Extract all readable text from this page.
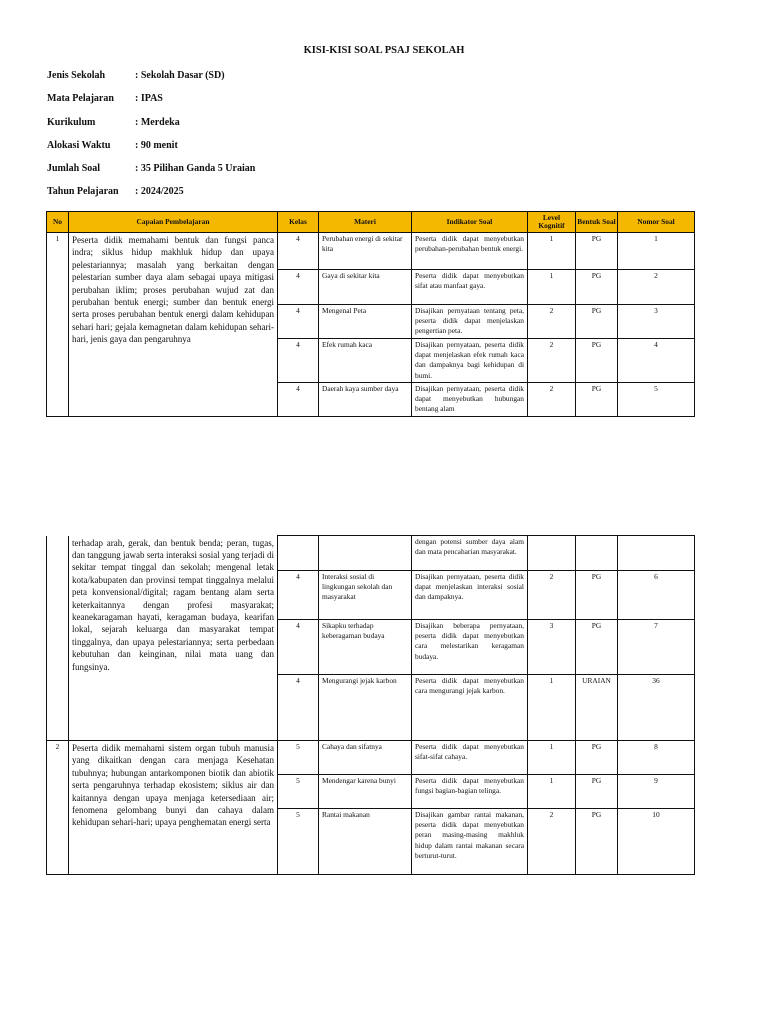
KISI-KISI SOAL PSAJ SEKOLAH
Jenis Sekolah	: Sekolah Dasar (SD)
Mata Pelajaran	: IPAS
Kurikulum	: Merdeka
Alokasi Waktu	: 90 menit
Jumlah Soal	: 35 Pilihan Ganda 5 Uraian
Tahun Pelajaran	: 2024/2025
No	Capaian Pembelajaran	Kelas	Materi	Indikator Soal	Level Kognitif	Bentuk Soal	Nomor Soal
1	Peserta didik memahami bentuk dan fungsi panca indra; siklus hidup makhluk hidup dan upaya pelestariannya; masalah yang berkaitan dengan pelestarian sumber daya alam sebagai upaya mitigasi perubahan iklim; proses perubahan wujud zat dan perubahan bentuk energi; sumber dan bentuk energi serta proses perubahan bentuk energi dalam kehidupan sehari hari; gejala kemagnetan dalam kehidupan sehari-hari, jenis gaya dan pengaruhnya	4	Perubahan energi di sekitar kita	Peserta didik dapat menyebutkan perubahan-perubahan bentuk energi.	1	PG	1
		4	Gaya di sekitar kita	Peserta didik dapat menyebutkan sifat atau manfaat gaya.	1	PG	2
		4	Mengenal Peta	Disajikan pernyataan tentang peta, peserta didik dapat menjelaskan pengertian peta.	2	PG	3
		4	Efek rumah kaca	Disajikan pernyataan, peserta didik dapat menjelaskan efek rumah kaca dan dampaknya bagi kehidupan di bumi.	2	PG	4
		4	Daerah kaya sumber daya	Disajikan pernyataan, peserta didik dapat menyebutkan hubungan bentang alam	2	PG	5
	terhadap arah, gerak, dan bentuk benda; peran, tugas, dan tanggung jawab serta interaksi sosial yang terjadi di sekitar tempat tinggal dan sekolah; mengenal letak kota/kabupaten dan provinsi tempat tinggalnya melalui peta konvensional/digital; ragam bentang alam serta keterkaitannya dengan profesi masyarakat; keanekaragaman hayati, keragaman budaya, kearifan lokal, sejarah keluarga dan masyarakat tempat tinggalnya, dan upaya pelestariannya; serta perbedaan kebutuhan dan keinginan, nilai mata uang dan fungsinya.			dengan potensi sumber daya alam dan mata pencaharian masyarakat.			
		4	Interaksi sosial di lingkungan sekolah dan masyarakat	Disajikan pernyataan, peserta didik dapat menjelaskan interaksi sosial dan dampaknya.	2	PG	6
		4	Sikapku terhadap keberagaman budaya	Disajikan beberapa pernyataan, peserta didik dapat menyebutkan cara melestarikan keragaman budaya.	3	PG	7
		4	Mengurangi jejak karbon	Peserta didik dapat menyebutkan cara mengurangi jejak karbon.	1	URAIAN	36
2	Peserta didik memahami sistem organ tubuh manusia yang dikaitkan dengan cara menjaga Kesehatan tubuhnya; hubungan antarkomponen biotik dan abiotik serta pengaruhnya terhadap ekosistem; siklus air dan kaitannya dengan upaya menjaga ketersediaan air; fenomena gelombang bunyi dan cahaya dalam kehidupan sehari-hari; upaya penghematan energi serta	5	Cahaya dan sifatnya	Peserta didik dapat menyebutkan sifat-sifat cahaya.	1	PG	8
		5	Mendengar karena bunyi	Peserta didik dapat menyebutkan fungsi bagian-bagian telinga.	1	PG	9
		5	Rantai makanan	Disajikan gambar rantai makanan, peserta didik dapat menyebutkan peran masing-masing makhluk hidup dalam rantai makanan secara berturut-turut.	2	PG	10
